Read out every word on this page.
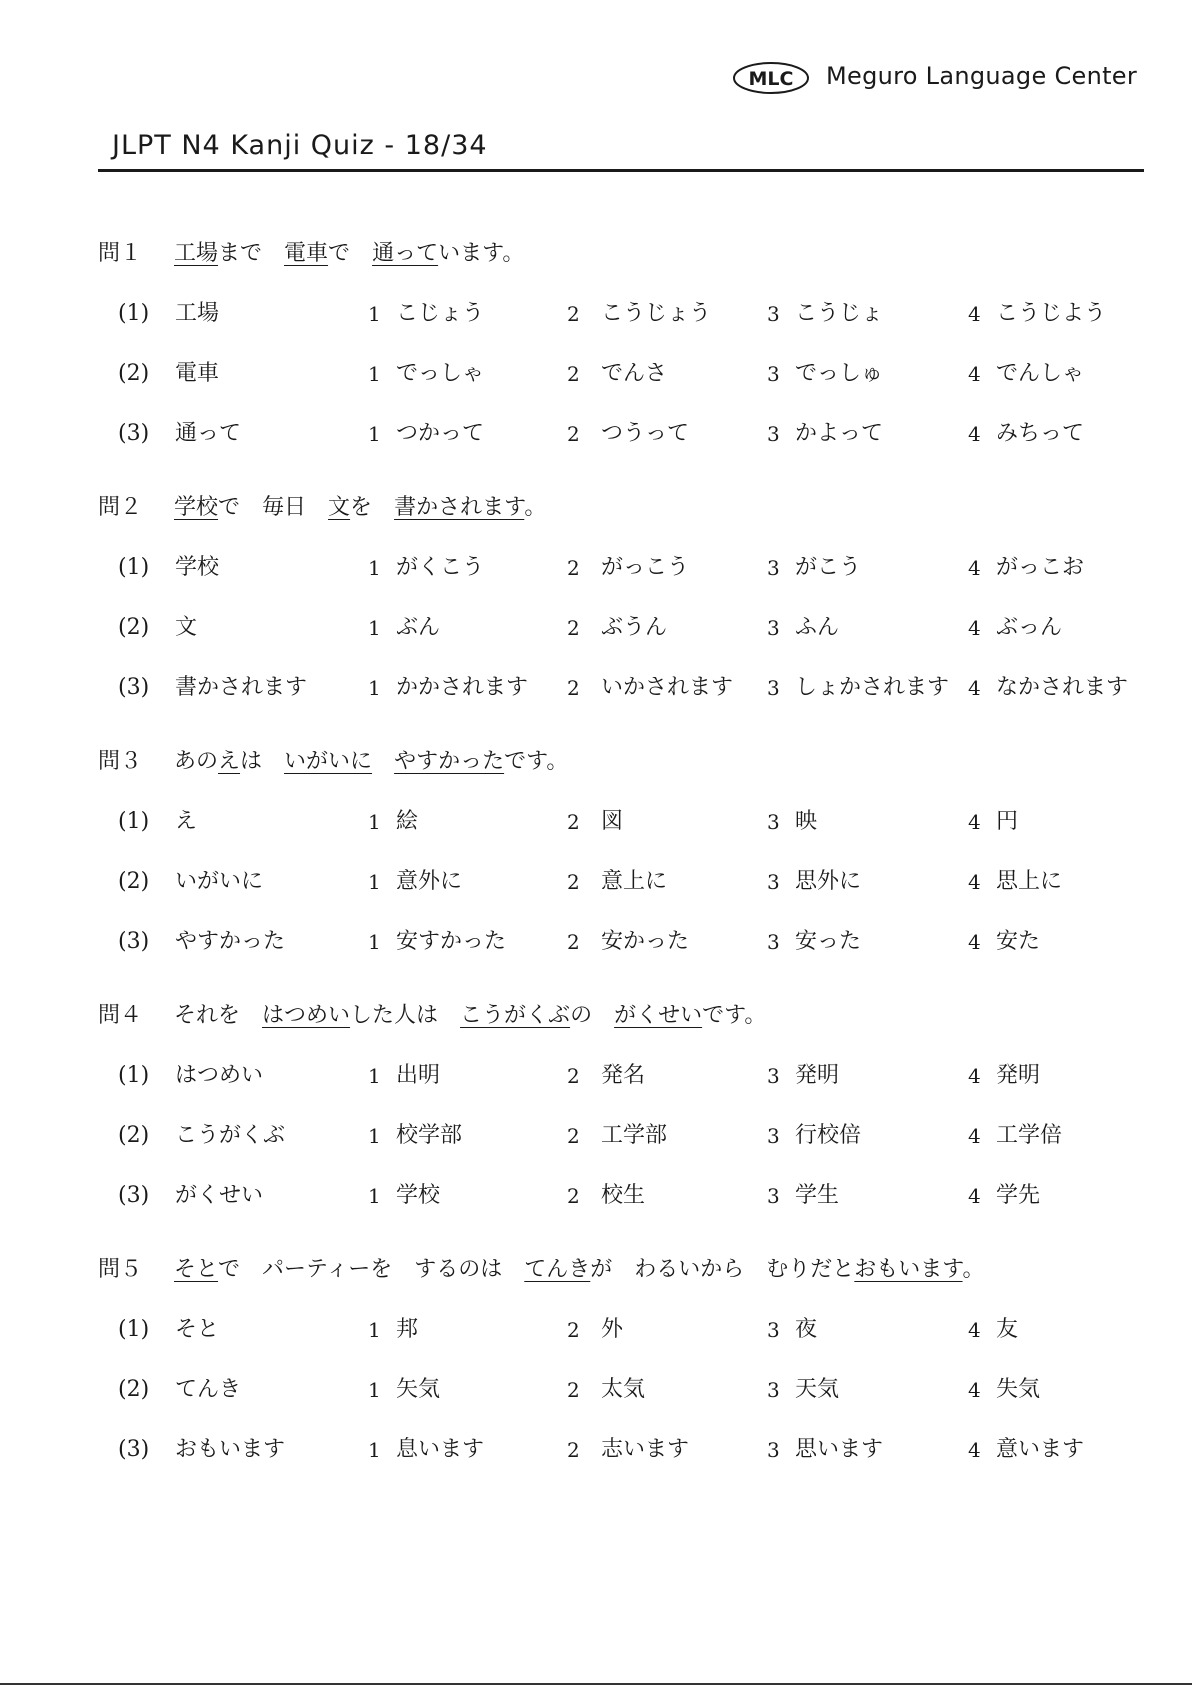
MLC Meguro Language Center
JLPT N4 Kanji Quiz - 18/34
問１ 工場まで　電車で　通っています。
(1) 工場	1 こじょう	2 こうじょう	3 こうじょ	4 こうじよう
(2) 電車	1 でっしゃ	2 でんさ	3 でっしゅ	4 でんしゃ
(3) 通って	1 つかって	2 つうって	3 かよって	4 みちって
問２ 学校で　毎日　文を　書かされます。
(1) 学校	1 がくこう	2 がっこう	3 がこう	4 がっこお
(2) 文	1 ぶん	2 ぶうん	3 ふん	4 ぶっん
(3) 書かされます	1 かかされます 2 いかされます 3 しょかされます 4 なかされます
問３ あのえは　いがいに　 やすかったです。
(1) え	1 絵	2 図	3 映	4 円
(2) いがいに	1 意外に	2 意上に	3 思外に	4 思上に
(3) やすかった	1 安すかった	2 安かった	3 安った	4 安た
問４ それを　はつめいした人は　こうがくぶの　がくせいです。
(1) はつめい	1 出明	2 発名	3 発明	4 発明
(2) こうがくぶ	1 校学部	2 工学部	3 行校倍	4 工学倍
(3) がくせい	1 学校	2 校生	3 学生	4 学先
問５ そとで　パーティーを　するのは　てんきが　わるいから　むりだとおもいます。
(1) そと	1 邦	2 外	3 夜	4 友
(2) てんき	1 矢気	2 太気	3 天気	4 失気
(3) おもいます	1 息います	2 志います	3 思います	4 意います
